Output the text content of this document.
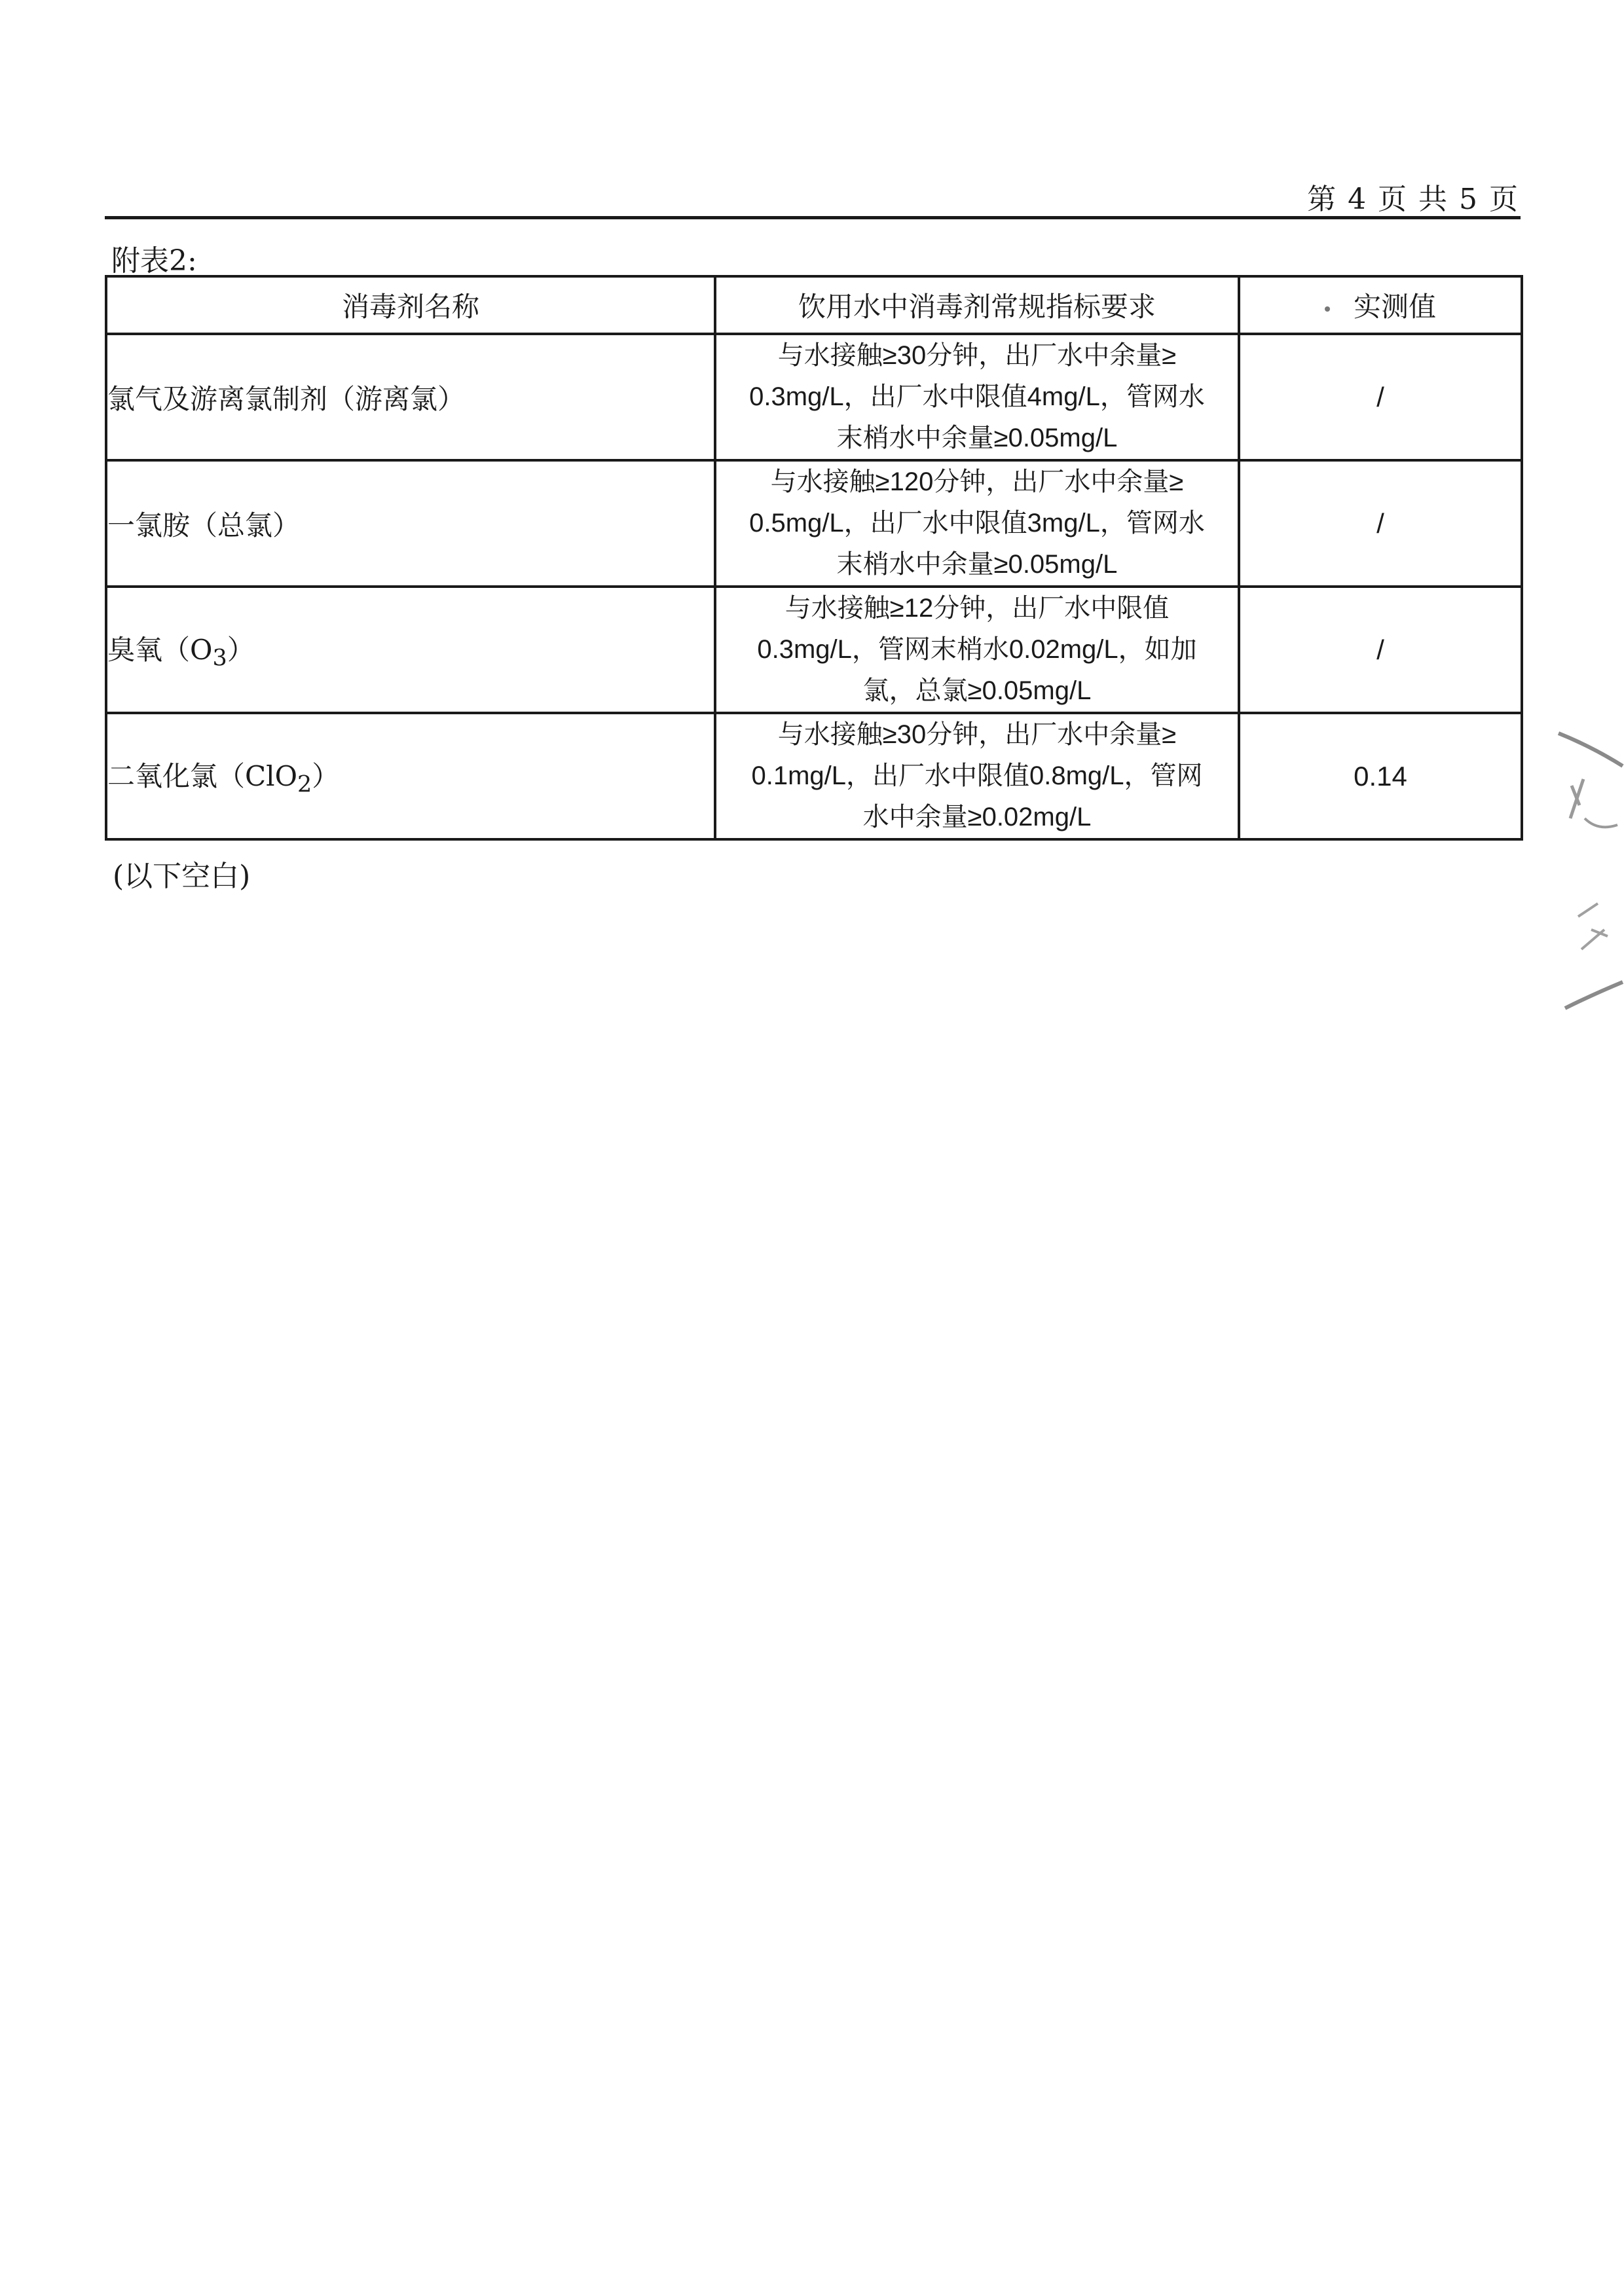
第 4 页 共 5 页
附表2:
消毒剂名称	饮用水中消毒剂常规指标要求	实测值
氯气及游离氯制剂（游离氯）	与水接触≥30分钟，出厂水中余量≥
0.3mg/L，出厂水中限值4mg/L，管网水
末梢水中余量≥0.05mg/L	/
一氯胺（总氯）	与水接触≥120分钟，出厂水中余量≥
0.5mg/L，出厂水中限值3mg/L，管网水
末梢水中余量≥0.05mg/L	/
臭氧$(O_3)$	与水接触≥12分钟，出厂水中限值
0.3mg/L，管网末梢水0.02mg/L，如加
氯，总氯≥0.05mg/L	/
二氧化氯（ClO$_2$）	与水接触≥30分钟，出厂水中余量≥
0.1mg/L，出厂水中限值0.8mg/L，管网
水中余量≥0.02mg/L	0.14
(以下空白)
